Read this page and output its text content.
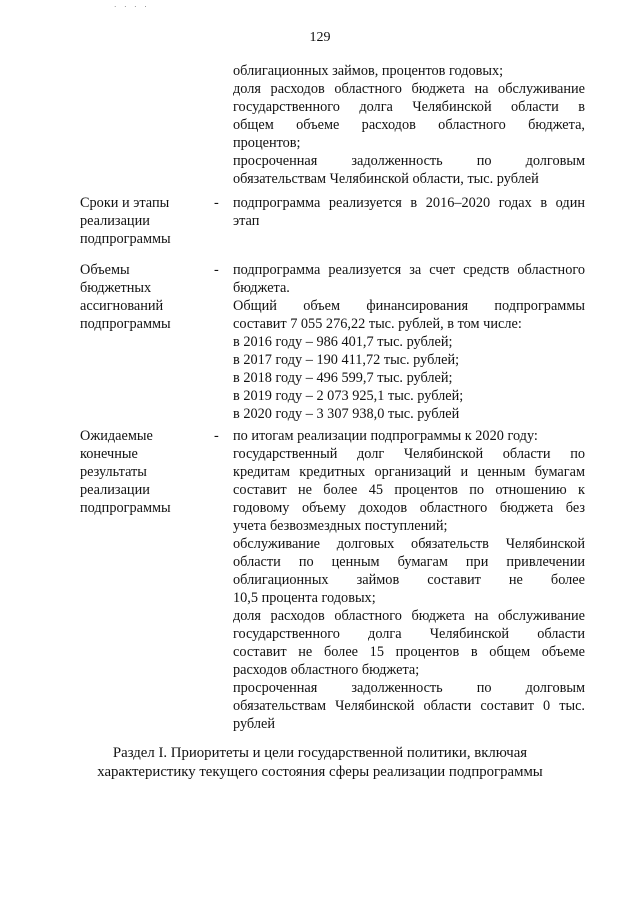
· · · ·
129
облигационных займов, процентов годовых;
доля расходов областного бюджета на обслуживание
государственного долга Челябинской области в
общем объеме расходов областного бюджета,
процентов;
просроченная задолженность по долговым
обязательствам Челябинской области, тыс. рублей
Сроки и этапы
реализации
подпрограммы
- подпрограмма реализуется в 2016–2020 годах в один
этап
Объемы
бюджетных
ассигнований
подпрограммы
- подпрограмма реализуется за счет средств областного
бюджета.
Общий объем финансирования подпрограммы
составит 7 055 276,22 тыс. рублей, в том числе:
в 2016 году – 986 401,7 тыс. рублей;
в 2017 году – 190 411,72 тыс. рублей;
в 2018 году – 496 599,7 тыс. рублей;
в 2019 году – 2 073 925,1 тыс. рублей;
в 2020 году – 3 307 938,0 тыс. рублей
Ожидаемые
конечные
результаты
реализации
подпрограммы
- по итогам реализации подпрограммы к 2020 году:
государственный долг Челябинской области по
кредитам кредитных организаций и ценным бумагам
составит не более 45 процентов по отношению к
годовому объему доходов областного бюджета без
учета безвозмездных поступлений;
обслуживание долговых обязательств Челябинской
области по ценным бумагам при привлечении
облигационных займов составит не более
10,5 процента годовых;
доля расходов областного бюджета на обслуживание
государственного долга Челябинской области
составит не более 15 процентов в общем объеме
расходов областного бюджета;
просроченная задолженность по долговым
обязательствам Челябинской области составит 0 тыс.
рублей
Раздел I. Приоритеты и цели государственной политики, включая
характеристику текущего состояния сферы реализации подпрограммы
